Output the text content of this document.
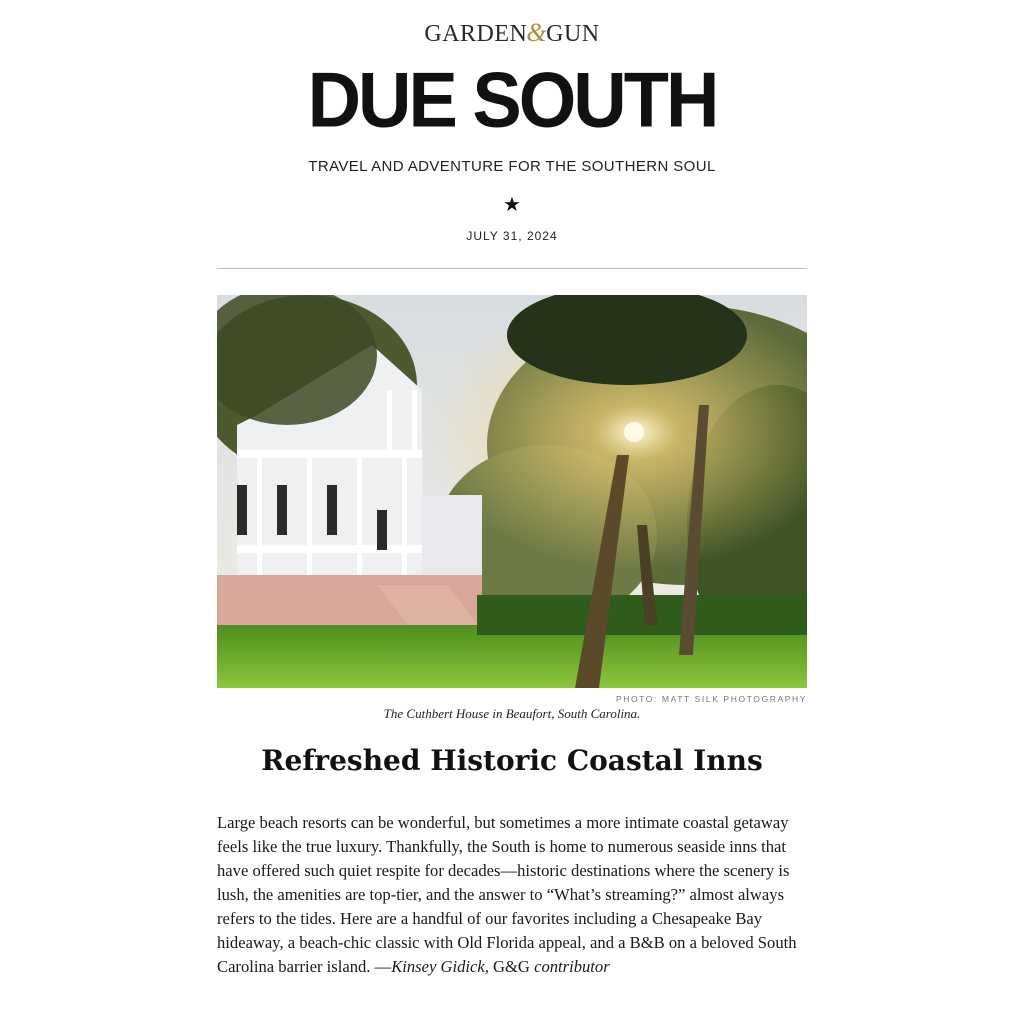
GARDEN&GUN
DUE SOUTH
TRAVEL AND ADVENTURE FOR THE SOUTHERN SOUL
★
JULY 31, 2024
PHOTO: MATT SILK PHOTOGRAPHY
The Cuthbert House in Beaufort, South Carolina.
Refreshed Historic Coastal Inns
Large beach resorts can be wonderful, but sometimes a more intimate coastal getaway feels like the true luxury. Thankfully, the South is home to numerous seaside inns that have offered such quiet respite for decades—historic destinations where the scenery is lush, the amenities are top-tier, and the answer to “What’s streaming?” almost always refers to the tides. Here are a handful of our favorites including a Chesapeake Bay hideaway, a beach-chic classic with Old Florida appeal, and a B&B on a beloved South Carolina barrier island. —Kinsey Gidick, G&G contributor
